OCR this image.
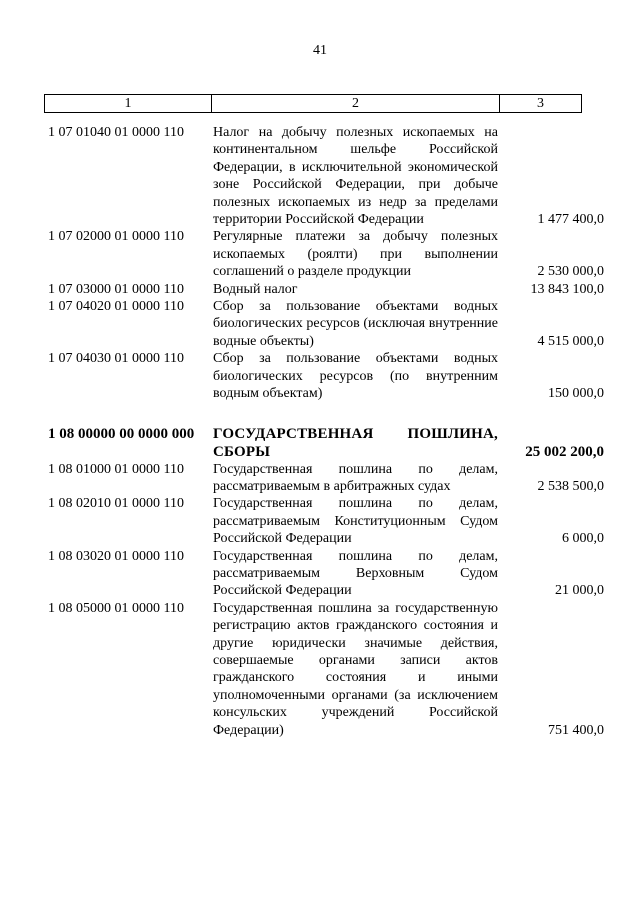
41
1	2	3
1 07 01040 01 0000 110 Налог на добычу полезных ископаемых на континентальном шельфе Российской Федерации, в исключительной экономической зоне Российской Федерации, при добыче полезных ископаемых из недр за пределами территории Российской Федерации	1 477 400,0
1 07 02000 01 0000 110 Регулярные платежи за добычу полезных ископаемых (роялти) при выполнении соглашений о разделе продукции	2 530 000,0
1 07 03000 01 0000 110 Водный налог	13 843 100,0
1 07 04020 01 0000 110 Сбор за пользование объектами водных биологических ресурсов (исключая внутренние водные объекты)	4 515 000,0
1 07 04030 01 0000 110 Сбор за пользование объектами водных биологических ресурсов (по внутренним водным объектам)	150 000,0
1 08 00000 00 0000 000 ГОСУДАРСТВЕННАЯ ПОШЛИНА, СБОРЫ	25 002 200,0
1 08 01000 01 0000 110 Государственная пошлина по делам, рассматриваемым в арбитражных судах	2 538 500,0
1 08 02010 01 0000 110 Государственная пошлина по делам, рассматриваемым Конституционным Судом Российской Федерации	6 000,0
1 08 03020 01 0000 110 Государственная пошлина по делам, рассматриваемым Верховным Судом Российской Федерации	21 000,0
1 08 05000 01 0000 110 Государственная пошлина за государственную регистрацию актов гражданского состояния и другие юридически значимые действия, совершаемые органами записи актов гражданского состояния и иными уполномоченными органами (за исключением консульских учреждений Российской Федерации)	751 400,0
